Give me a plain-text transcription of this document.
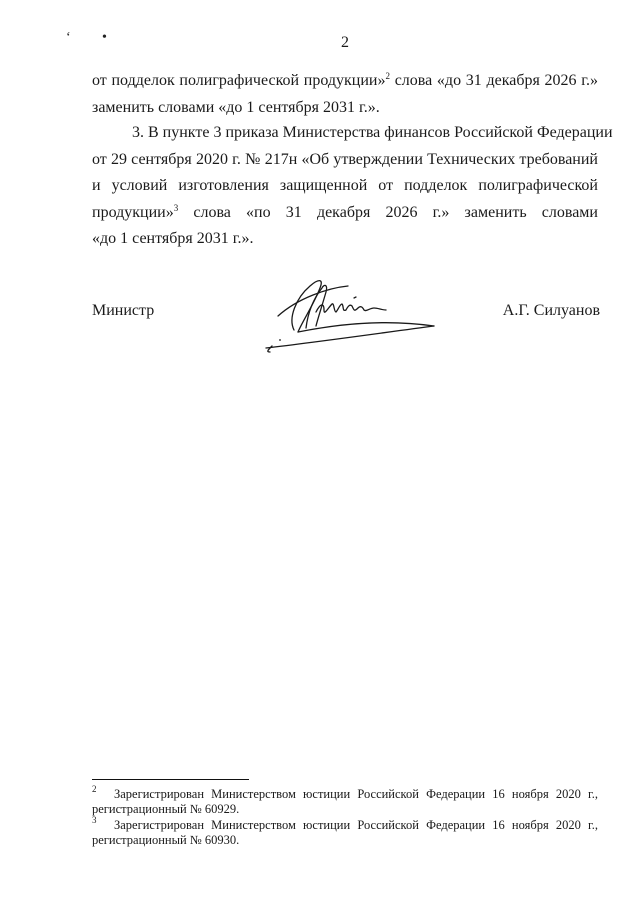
‘ •	2
от подделок полиграфической продукции»$^2$ слова «до 31 декабря 2026 г.»
заменить словами «до 1 сентября 2031 г.».
3. В пункте 3 приказа Министерства финансов Российской Федерации
от 29 сентября 2020 г. № 217н «Об утверждении Технических требований
и условий изготовления защищенной от подделок полиграфической
продукции»$^3$ слова «по 31 декабря 2026 г.» заменить словами
«до 1 сентября 2031 г.».
Министр	А.Г. Силуанов
$^2$ Зарегистрирован Министерством юстиции Российской Федерации 16 ноября 2020 г.,
регистрационный № 60929.
$^3$ Зарегистрирован Министерством юстиции Российской Федерации 16 ноября 2020 г.,
регистрационный № 60930.
